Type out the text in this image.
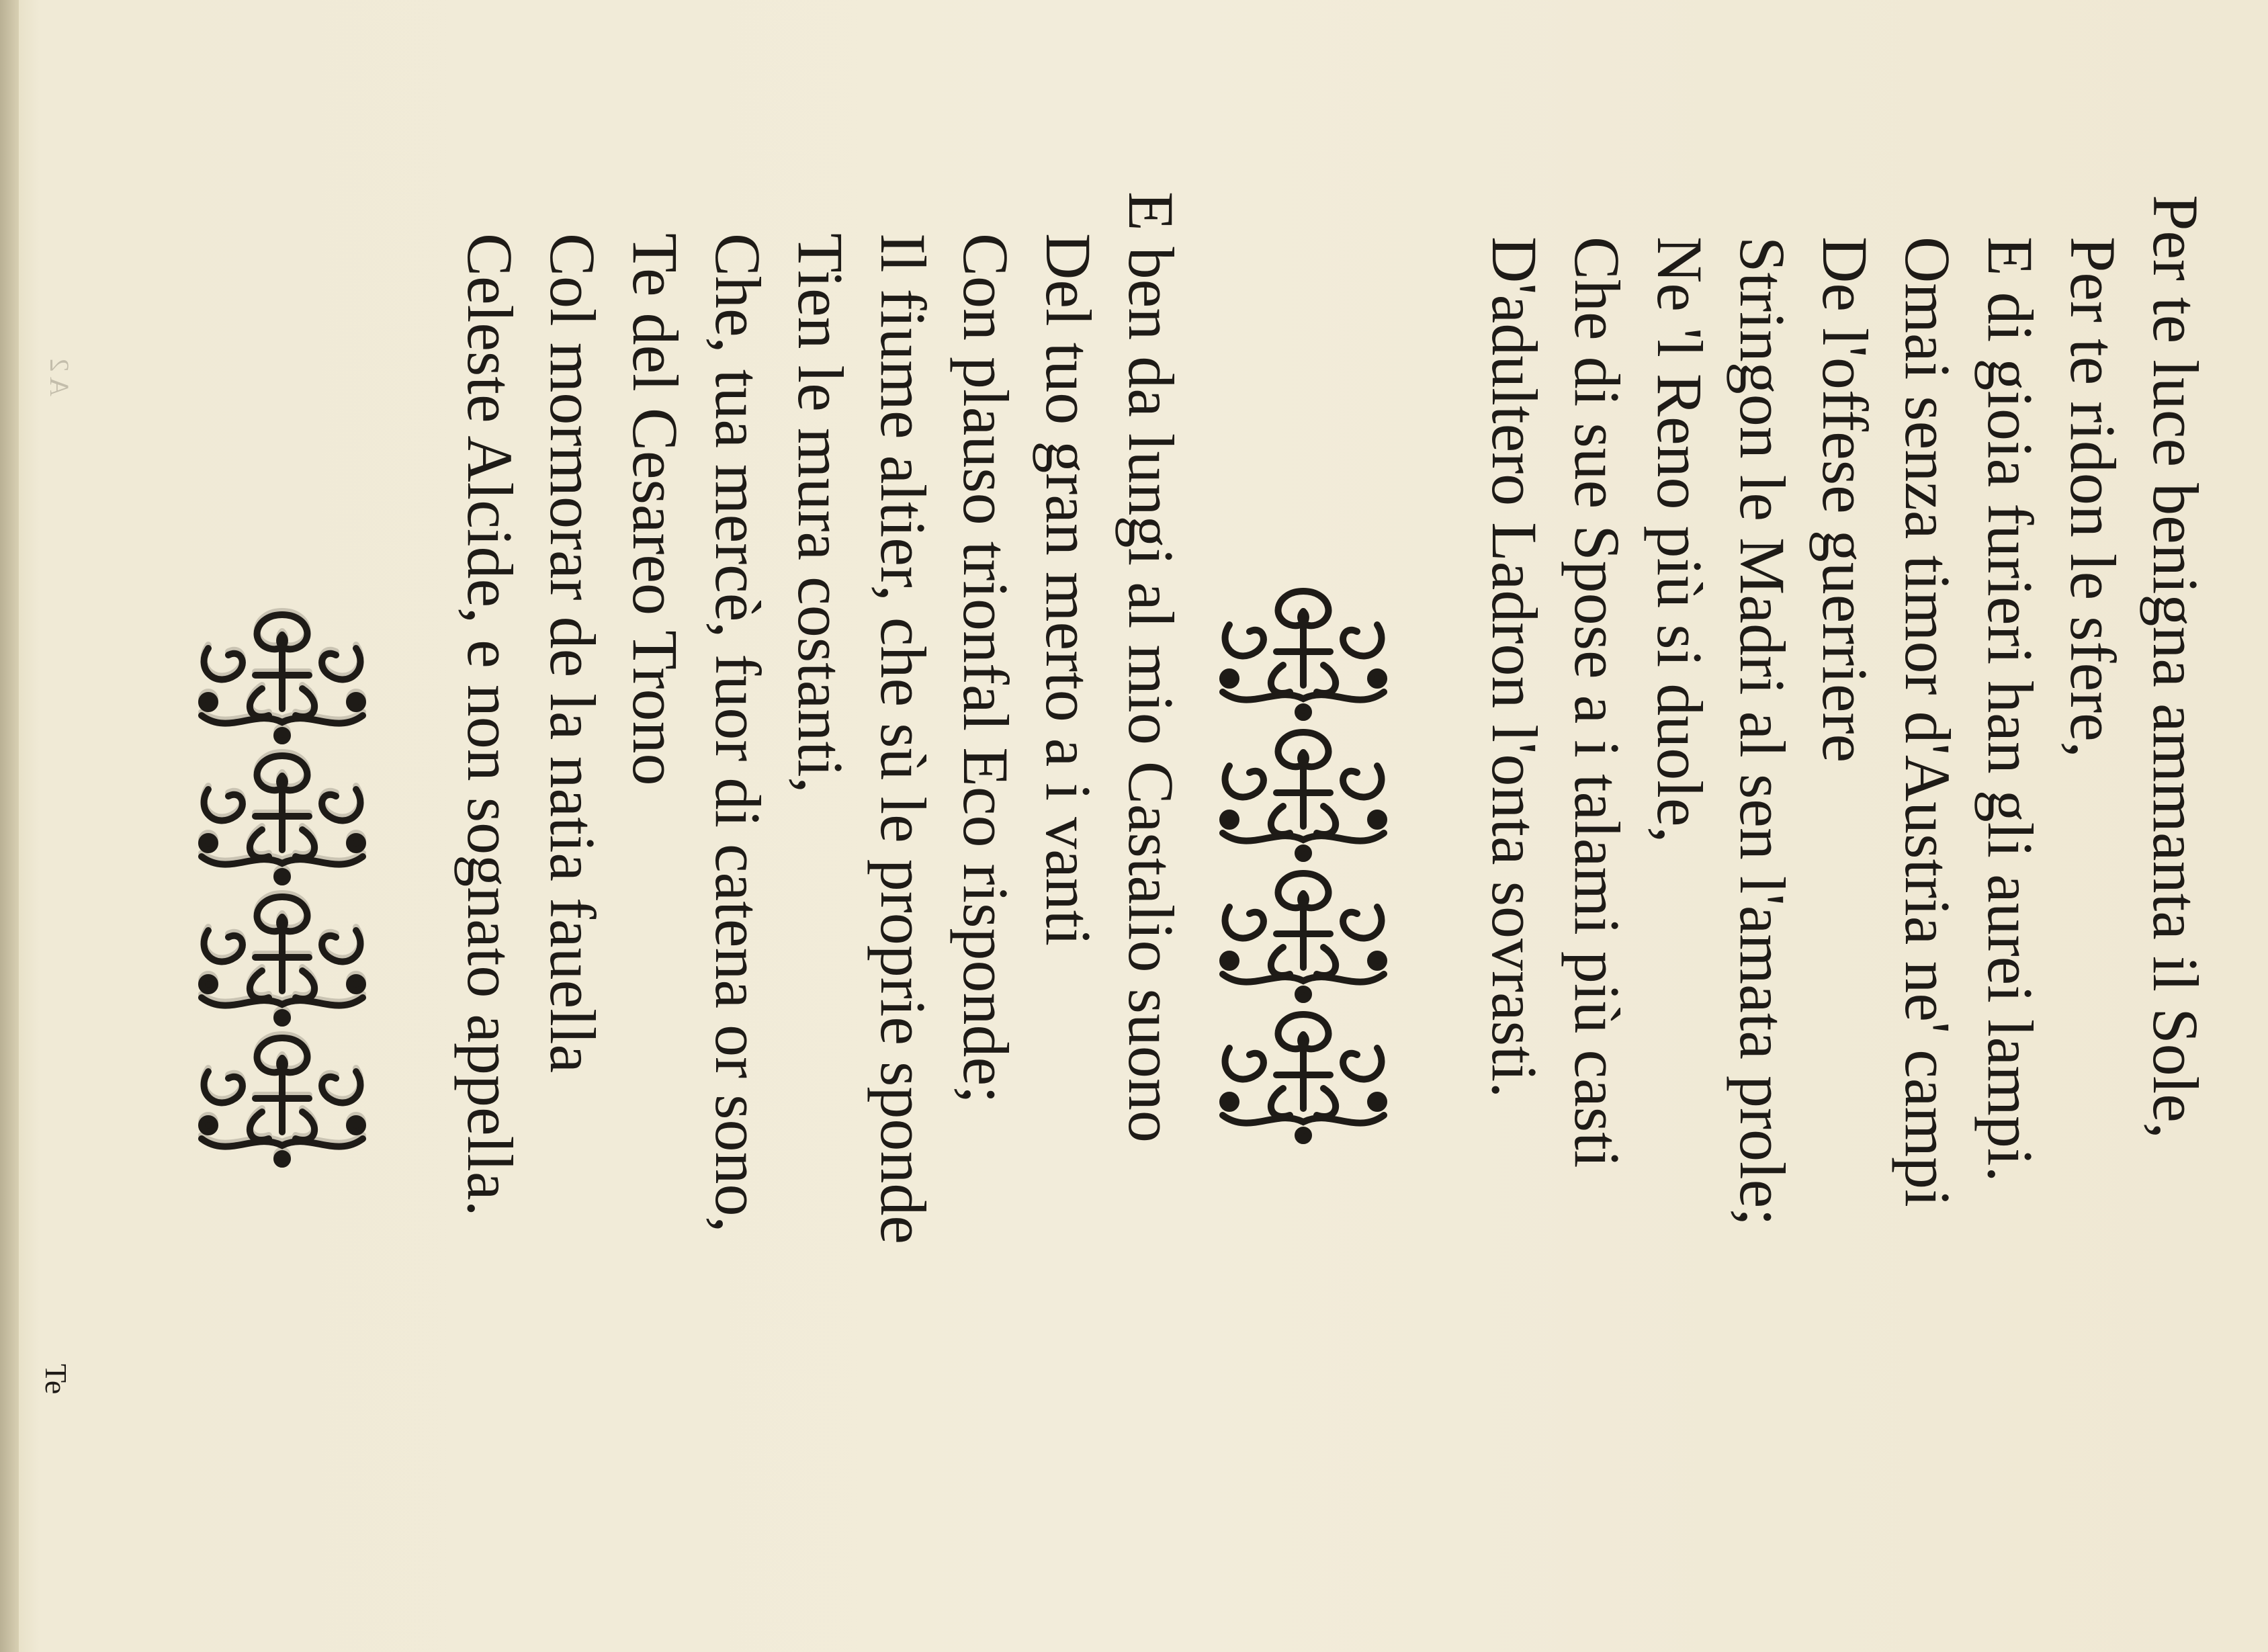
Per te luce benigna ammanta il Sole,
Per te ridon le sfere,
E di gioia furieri han gli aurei lampi.
Omai senza timor d'Austria ne' campi
De l'offese guerriere
Stringon le Madri al sen l'amata prole;
Ne 'l Reno più si duole,
Che di sue Spose a i talami più casti
D'adultero Ladron l'onta sovrasti.
E ben da lungi al mio Castalio suono
Del tuo gran merto a i vanti
Con plauso trionfal Eco risponde;
Il fiume altier, che sù le proprie sponde
Tien le mura costanti,
Che, tua mercè, fuor di catena or sono,
Te del Cesareo Trono
Col mormorar de la natia fauella
Celeste Alcide, e non sognato appella.
A 2
Te
